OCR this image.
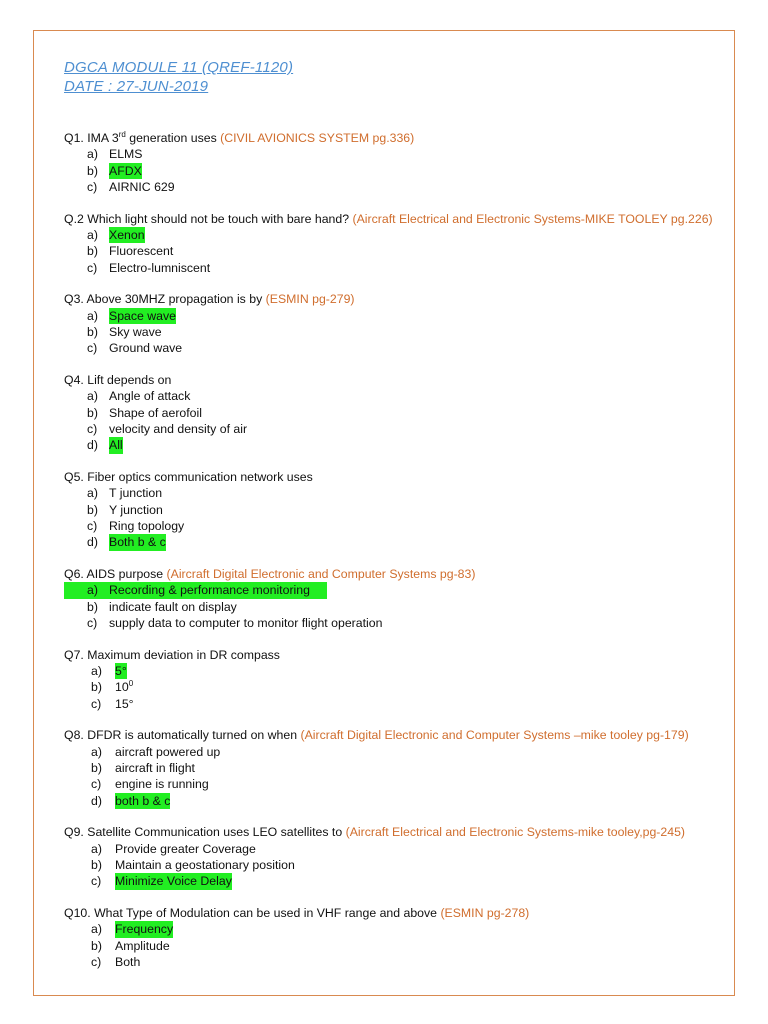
DGCA MODULE 11 (QREF-1120)
DATE : 27-JUN-2019
Q1. IMA 3rd generation uses (CIVIL AVIONICS SYSTEM pg.336)
a) ELMS
b) AFDX
c) AIRNIC 629
Q.2 Which light should not be touch with bare hand? (Aircraft Electrical and Electronic Systems-MIKE TOOLEY pg.226)
a) Xenon
b) Fluorescent
c) Electro-lumniscent
Q3. Above 30MHZ propagation is by (ESMIN pg-279)
a) Space wave
b) Sky wave
c) Ground wave
Q4. Lift depends on
a) Angle of attack
b) Shape of aerofoil
c) velocity and density of air
d) All
Q5. Fiber optics communication network uses
a) T junction
b) Y junction
c) Ring topology
d) Both b & c
Q6. AIDS purpose (Aircraft Digital Electronic and Computer Systems pg-83)
a) Recording & performance monitoring
b) indicate fault on display
c) supply data to computer to monitor flight operation
Q7. Maximum deviation in DR compass
a)	5°
b)	$10^0$
c)	15°
Q8. DFDR is automatically turned on when (Aircraft Digital Electronic and Computer Systems –mike tooley pg-179)
a)	aircraft powered up
b)	aircraft in flight
c)	engine is running
d)	both b & c
Q9. Satellite Communication uses LEO satellites to (Aircraft Electrical and Electronic Systems-mike tooley,pg-245)
a)	Provide greater Coverage
b)	Maintain a geostationary position
c)	Minimize Voice Delay
Q10. What Type of Modulation can be used in VHF range and above (ESMIN pg-278)
a)	Frequency
b)	Amplitude
c)	Both
